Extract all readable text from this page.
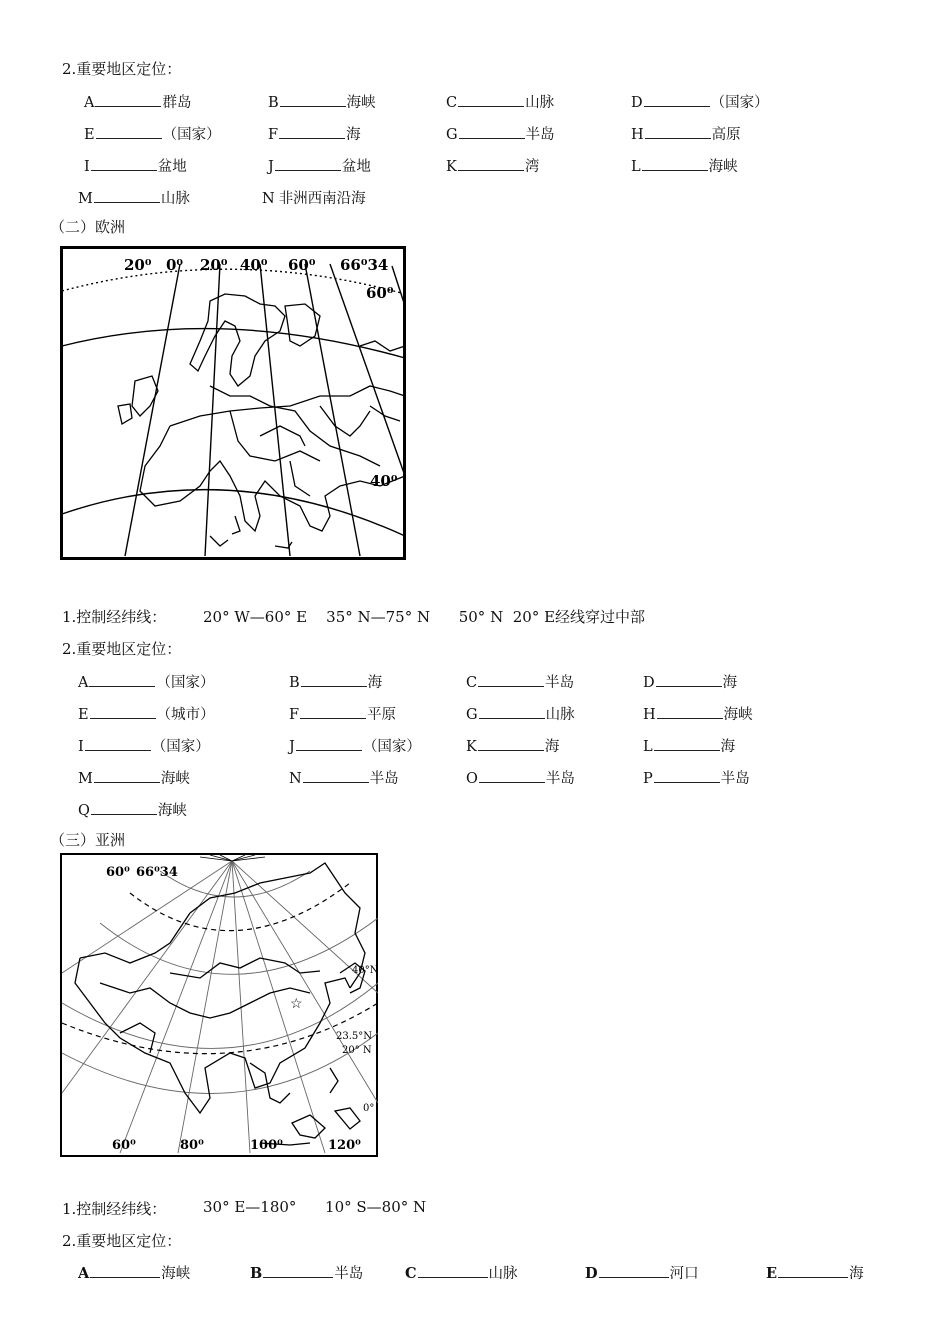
2.重要地区定位：
A	群岛	B	海峡	C	山脉	D	（国家）
E	（国家）	F	海	G	半岛	H	高原
I	盆地	J	盆地	K	湾	L	海峡
M	山脉	N 非洲西南沿海
（二）欧洲
20⁰ 0⁰ 20⁰ 40⁰ 60⁰ 66⁰34
60⁰
40⁰
1.控制经纬线： 20° W—60° E    35° N—75° N      50° N  20° E经线穿过中部
2.重要地区定位：
A	（国家）	B	海	C	半岛	D	海
E	（城市）	F	平原	G	山脉	H	海峡
I	（国家）	J	（国家）	K	海	L	海
M	海峡	N	半岛	O	半岛	P	半岛
Q	海峡
（三）亚洲
☆
60⁰ 66⁰34
60⁰	80⁰	100⁰	120⁰
40°N
23.5°N
20° N
0°
1.控制经纬线： 30° E—180°      10° S—80° N
2.重要地区定位：
A	海峡	B	半岛	C	山脉	D	河口	E	海
